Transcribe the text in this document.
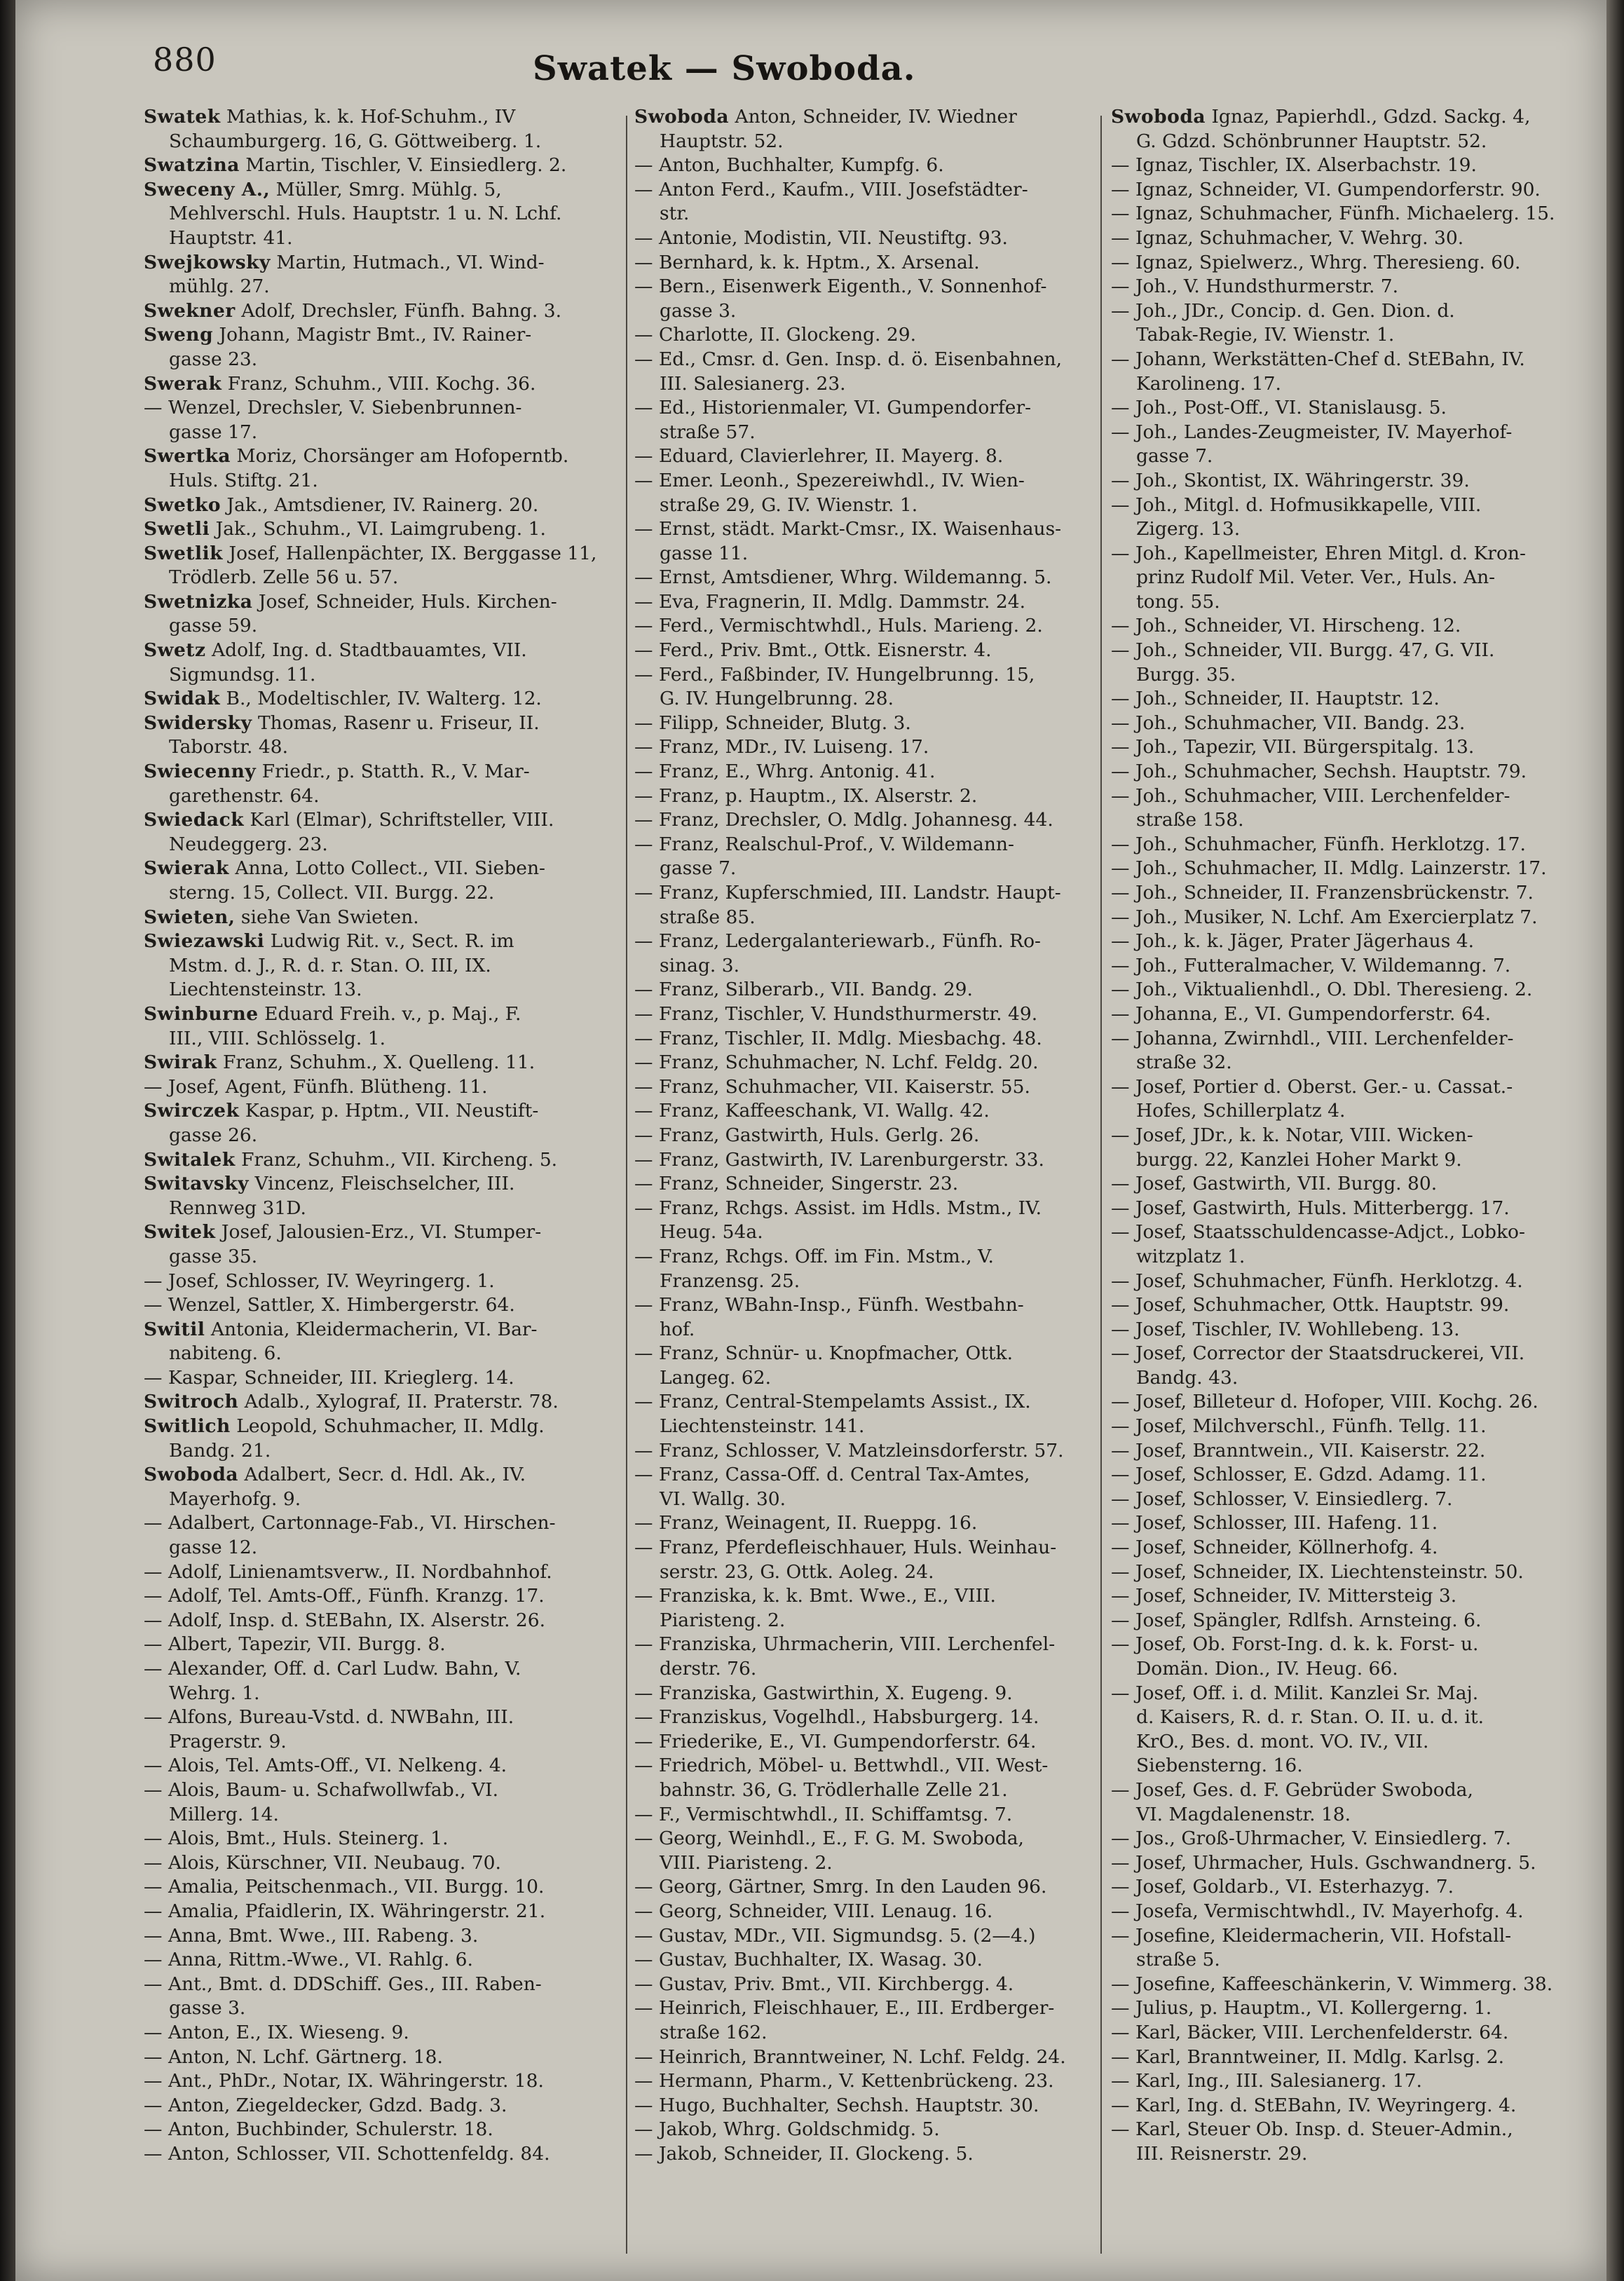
880	Swatek — Swoboda.
Swatek Mathias, k. k. Hof-Schuhm., IV
Schaumburgerg. 16, G. Göttweiberg. 1.
Swatzina Martin, Tischler, V. Einsiedlerg. 2.
Sweceny A., Müller, Smrg. Mühlg. 5,
Mehlverschl. Huls. Hauptstr. 1 u. N. Lchf.
Hauptstr. 41.
Swejkowsky Martin, Hutmach., VI. Wind-
mühlg. 27.
Swekner Adolf, Drechsler, Fünfh. Bahng. 3.
Sweng Johann, Magistr Bmt., IV. Rainer-
gasse 23.
Swerak Franz, Schuhm., VIII. Kochg. 36.
— Wenzel, Drechsler, V. Siebenbrunnen-
gasse 17.
Swertka Moriz, Chorsänger am Hofoperntb.
Huls. Stiftg. 21.
Swetko Jak., Amtsdiener, IV. Rainerg. 20.
Swetli Jak., Schuhm., VI. Laimgrubeng. 1.
Swetlik Josef, Hallenpächter, IX. Berggasse 11,
Trödlerb. Zelle 56 u. 57.
Swetnizka Josef, Schneider, Huls. Kirchen-
gasse 59.
Swetz Adolf, Ing. d. Stadtbauamtes, VII.
Sigmundsg. 11.
Swidak B., Modeltischler, IV. Walterg. 12.
Swidersky Thomas, Rasenr u. Friseur, II.
Taborstr. 48.
Swiecenny Friedr., p. Statth. R., V. Mar-
garethenstr. 64.
Swiedack Karl (Elmar), Schriftsteller, VIII.
Neudeggerg. 23.
Swierak Anna, Lotto Collect., VII. Sieben-
sterng. 15, Collect. VII. Burgg. 22.
Swieten, siehe Van Swieten.
Swiezawski Ludwig Rit. v., Sect. R. im
Mstm. d. J., R. d. r. Stan. O. III, IX.
Liechtensteinstr. 13.
Swinburne Eduard Freih. v., p. Maj., F.
III., VIII. Schlösselg. 1.
Swirak Franz, Schuhm., X. Quelleng. 11.
— Josef, Agent, Fünfh. Blütheng. 11.
Swirczek Kaspar, p. Hptm., VII. Neustift-
gasse 26.
Switalek Franz, Schuhm., VII. Kircheng. 5.
Switavsky Vincenz, Fleischselcher, III.
Rennweg 31D.
Switek Josef, Jalousien-Erz., VI. Stumper-
gasse 35.
— Josef, Schlosser, IV. Weyringerg. 1.
— Wenzel, Sattler, X. Himbergerstr. 64.
Switil Antonia, Kleidermacherin, VI. Bar-
nabiteng. 6.
— Kaspar, Schneider, III. Krieglerg. 14.
Switroch Adalb., Xylograf, II. Praterstr. 78.
Switlich Leopold, Schuhmacher, II. Mdlg.
Bandg. 21.
Swoboda Adalbert, Secr. d. Hdl. Ak., IV.
Mayerhofg. 9.
— Adalbert, Cartonnage-Fab., VI. Hirschen-
gasse 12.
— Adolf, Linienamtsverw., II. Nordbahnhof.
— Adolf, Tel. Amts-Off., Fünfh. Kranzg. 17.
— Adolf, Insp. d. StEBahn, IX. Alserstr. 26.
— Albert, Tapezir, VII. Burgg. 8.
— Alexander, Off. d. Carl Ludw. Bahn, V.
Wehrg. 1.
— Alfons, Bureau-Vstd. d. NWBahn, III.
Pragerstr. 9.
— Alois, Tel. Amts-Off., VI. Nelkeng. 4.
— Alois, Baum- u. Schafwollwfab., VI.
Millerg. 14.
— Alois, Bmt., Huls. Steinerg. 1.
— Alois, Kürschner, VII. Neubaug. 70.
— Amalia, Peitschenmach., VII. Burgg. 10.
— Amalia, Pfaidlerin, IX. Währingerstr. 21.
— Anna, Bmt. Wwe., III. Rabeng. 3.
— Anna, Rittm.-Wwe., VI. Rahlg. 6.
— Ant., Bmt. d. DDSchiff. Ges., III. Raben-
gasse 3.
— Anton, E., IX. Wieseng. 9.
— Anton, N. Lchf. Gärtnerg. 18.
— Ant., PhDr., Notar, IX. Währingerstr. 18.
— Anton, Ziegeldecker, Gdzd. Badg. 3.
— Anton, Buchbinder, Schulerstr. 18.
— Anton, Schlosser, VII. Schottenfeldg. 84.
Swoboda Anton, Schneider, IV. Wiedner
Hauptstr. 52.
— Anton, Buchhalter, Kumpfg. 6.
— Anton Ferd., Kaufm., VIII. Josefstädter-
str.
— Antonie, Modistin, VII. Neustiftg. 93.
— Bernhard, k. k. Hptm., X. Arsenal.
— Bern., Eisenwerk Eigenth., V. Sonnenhof-
gasse 3.
— Charlotte, II. Glockeng. 29.
— Ed., Cmsr. d. Gen. Insp. d. ö. Eisenbahnen,
III. Salesianerg. 23.
— Ed., Historienmaler, VI. Gumpendorfer-
straße 57.
— Eduard, Clavierlehrer, II. Mayerg. 8.
— Emer. Leonh., Spezereiwhdl., IV. Wien-
straße 29, G. IV. Wienstr. 1.
— Ernst, städt. Markt-Cmsr., IX. Waisenhaus-
gasse 11.
— Ernst, Amtsdiener, Whrg. Wildemanng. 5.
— Eva, Fragnerin, II. Mdlg. Dammstr. 24.
— Ferd., Vermischtwhdl., Huls. Marieng. 2.
— Ferd., Priv. Bmt., Ottk. Eisnerstr. 4.
— Ferd., Faßbinder, IV. Hungelbrunng. 15,
G. IV. Hungelbrunng. 28.
— Filipp, Schneider, Blutg. 3.
— Franz, MDr., IV. Luiseng. 17.
— Franz, E., Whrg. Antonig. 41.
— Franz, p. Hauptm., IX. Alserstr. 2.
— Franz, Drechsler, O. Mdlg. Johannesg. 44.
— Franz, Realschul-Prof., V. Wildemann-
gasse 7.
— Franz, Kupferschmied, III. Landstr. Haupt-
straße 85.
— Franz, Ledergalanteriewarb., Fünfh. Ro-
sinag. 3.
— Franz, Silberarb., VII. Bandg. 29.
— Franz, Tischler, V. Hundsthurmerstr. 49.
— Franz, Tischler, II. Mdlg. Miesbachg. 48.
— Franz, Schuhmacher, N. Lchf. Feldg. 20.
— Franz, Schuhmacher, VII. Kaiserstr. 55.
— Franz, Kaffeeschank, VI. Wallg. 42.
— Franz, Gastwirth, Huls. Gerlg. 26.
— Franz, Gastwirth, IV. Larenburgerstr. 33.
— Franz, Schneider, Singerstr. 23.
— Franz, Rchgs. Assist. im Hdls. Mstm., IV.
Heug. 54a.
— Franz, Rchgs. Off. im Fin. Mstm., V.
Franzensg. 25.
— Franz, WBahn-Insp., Fünfh. Westbahn-
hof.
— Franz, Schnür- u. Knopfmacher, Ottk.
Langeg. 62.
— Franz, Central-Stempelamts Assist., IX.
Liechtensteinstr. 141.
— Franz, Schlosser, V. Matzleinsdorferstr. 57.
— Franz, Cassa-Off. d. Central Tax-Amtes,
VI. Wallg. 30.
— Franz, Weinagent, II. Rueppg. 16.
— Franz, Pferdefleischhauer, Huls. Weinhau-
serstr. 23, G. Ottk. Aoleg. 24.
— Franziska, k. k. Bmt. Wwe., E., VIII.
Piaristeng. 2.
— Franziska, Uhrmacherin, VIII. Lerchenfel-
derstr. 76.
— Franziska, Gastwirthin, X. Eugeng. 9.
— Franziskus, Vogelhdl., Habsburgerg. 14.
— Friederike, E., VI. Gumpendorferstr. 64.
— Friedrich, Möbel- u. Bettwhdl., VII. West-
bahnstr. 36, G. Trödlerhalle Zelle 21.
— F., Vermischtwhdl., II. Schiffamtsg. 7.
— Georg, Weinhdl., E., F. G. M. Swoboda,
VIII. Piaristeng. 2.
— Georg, Gärtner, Smrg. In den Lauden 96.
— Georg, Schneider, VIII. Lenaug. 16.
— Gustav, MDr., VII. Sigmundsg. 5. (2—4.)
— Gustav, Buchhalter, IX. Wasag. 30.
— Gustav, Priv. Bmt., VII. Kirchbergg. 4.
— Heinrich, Fleischhauer, E., III. Erdberger-
straße 162.
— Heinrich, Branntweiner, N. Lchf. Feldg. 24.
— Hermann, Pharm., V. Kettenbrückeng. 23.
— Hugo, Buchhalter, Sechsh. Hauptstr. 30.
— Jakob, Whrg. Goldschmidg. 5.
— Jakob, Schneider, II. Glockeng. 5.
Swoboda Ignaz, Papierhdl., Gdzd. Sackg. 4,
G. Gdzd. Schönbrunner Hauptstr. 52.
— Ignaz, Tischler, IX. Alserbachstr. 19.
— Ignaz, Schneider, VI. Gumpendorferstr. 90.
— Ignaz, Schuhmacher, Fünfh. Michaelerg. 15.
— Ignaz, Schuhmacher, V. Wehrg. 30.
— Ignaz, Spielwerz., Whrg. Theresieng. 60.
— Joh., V. Hundsthurmerstr. 7.
— Joh., JDr., Concip. d. Gen. Dion. d.
Tabak-Regie, IV. Wienstr. 1.
— Johann, Werkstätten-Chef d. StEBahn, IV.
Karolineng. 17.
— Joh., Post-Off., VI. Stanislausg. 5.
— Joh., Landes-Zeugmeister, IV. Mayerhof-
gasse 7.
— Joh., Skontist, IX. Währingerstr. 39.
— Joh., Mitgl. d. Hofmusikkapelle, VIII.
Zigerg. 13.
— Joh., Kapellmeister, Ehren Mitgl. d. Kron-
prinz Rudolf Mil. Veter. Ver., Huls. An-
tong. 55.
— Joh., Schneider, VI. Hirscheng. 12.
— Joh., Schneider, VII. Burgg. 47, G. VII.
Burgg. 35.
— Joh., Schneider, II. Hauptstr. 12.
— Joh., Schuhmacher, VII. Bandg. 23.
— Joh., Tapezir, VII. Bürgerspitalg. 13.
— Joh., Schuhmacher, Sechsh. Hauptstr. 79.
— Joh., Schuhmacher, VIII. Lerchenfelder-
straße 158.
— Joh., Schuhmacher, Fünfh. Herklotzg. 17.
— Joh., Schuhmacher, II. Mdlg. Lainzerstr. 17.
— Joh., Schneider, II. Franzensbrückenstr. 7.
— Joh., Musiker, N. Lchf. Am Exercierplatz 7.
— Joh., k. k. Jäger, Prater Jägerhaus 4.
— Joh., Futteralmacher, V. Wildemanng. 7.
— Joh., Viktualienhdl., O. Dbl. Theresieng. 2.
— Johanna, E., VI. Gumpendorferstr. 64.
— Johanna, Zwirnhdl., VIII. Lerchenfelder-
straße 32.
— Josef, Portier d. Oberst. Ger.- u. Cassat.-
Hofes, Schillerplatz 4.
— Josef, JDr., k. k. Notar, VIII. Wicken-
burgg. 22, Kanzlei Hoher Markt 9.
— Josef, Gastwirth, VII. Burgg. 80.
— Josef, Gastwirth, Huls. Mitterbergg. 17.
— Josef, Staatsschuldencasse-Adjct., Lobko-
witzplatz 1.
— Josef, Schuhmacher, Fünfh. Herklotzg. 4.
— Josef, Schuhmacher, Ottk. Hauptstr. 99.
— Josef, Tischler, IV. Wohllebeng. 13.
— Josef, Corrector der Staatsdruckerei, VII.
Bandg. 43.
— Josef, Billeteur d. Hofoper, VIII. Kochg. 26.
— Josef, Milchverschl., Fünfh. Tellg. 11.
— Josef, Branntwein., VII. Kaiserstr. 22.
— Josef, Schlosser, E. Gdzd. Adamg. 11.
— Josef, Schlosser, V. Einsiedlerg. 7.
— Josef, Schlosser, III. Hafeng. 11.
— Josef, Schneider, Köllnerhofg. 4.
— Josef, Schneider, IX. Liechtensteinstr. 50.
— Josef, Schneider, IV. Mittersteig 3.
— Josef, Spängler, Rdlfsh. Arnsteing. 6.
— Josef, Ob. Forst-Ing. d. k. k. Forst- u.
Domän. Dion., IV. Heug. 66.
— Josef, Off. i. d. Milit. Kanzlei Sr. Maj.
d. Kaisers, R. d. r. Stan. O. II. u. d. it.
KrO., Bes. d. mont. VO. IV., VII.
Siebensterng. 16.
— Josef, Ges. d. F. Gebrüder Swoboda,
VI. Magdalenenstr. 18.
— Jos., Groß-Uhrmacher, V. Einsiedlerg. 7.
— Josef, Uhrmacher, Huls. Gschwandnerg. 5.
— Josef, Goldarb., VI. Esterhazyg. 7.
— Josefa, Vermischtwhdl., IV. Mayerhofg. 4.
— Josefine, Kleidermacherin, VII. Hofstall-
straße 5.
— Josefine, Kaffeeschänkerin, V. Wimmerg. 38.
— Julius, p. Hauptm., VI. Kollergerng. 1.
— Karl, Bäcker, VIII. Lerchenfelderstr. 64.
— Karl, Branntweiner, II. Mdlg. Karlsg. 2.
— Karl, Ing., III. Salesianerg. 17.
— Karl, Ing. d. StEBahn, IV. Weyringerg. 4.
— Karl, Steuer Ob. Insp. d. Steuer-Admin.,
III. Reisnerstr. 29.
